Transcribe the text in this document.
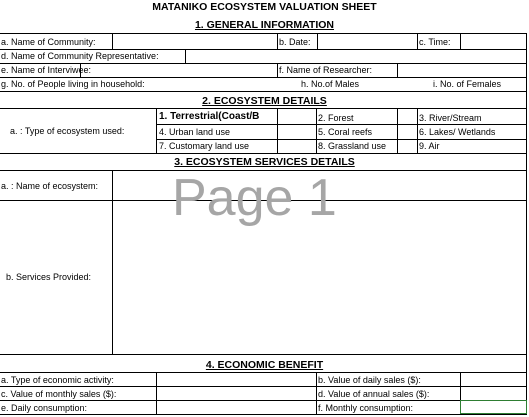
MATANIKO ECOSYSTEM VALUATION SHEET
1. GENERAL INFORMATION
a. Name of Community:	b. Date:	c. Time:
d. Name of Community Representative:
e. Name of Interviwee:	f. Name of Researcher:
g. No. of People living in household:	h. No.of Males	i. No. of Females
2. ECOSYSTEM DETAILS
a. : Type of ecosystem used:
1. Terrestrial(Coast/B	2. Forest	3. River/Stream
4. Urban land use	5. Coral reefs	6. Lakes/ Wetlands
7. Customary land use	8. Grassland use	9. Air
3. ECOSYSTEM SERVICES DETAILS
a. : Name of ecosystem:
b. Services Provided:
Page 1
4. ECONOMIC BENEFIT
a. Type of economic activity:	b. Value of daily sales ($):
c. Value of monthly sales ($):	d. Value of annual sales ($):
e. Daily consumption:	f. Monthly consumption:
